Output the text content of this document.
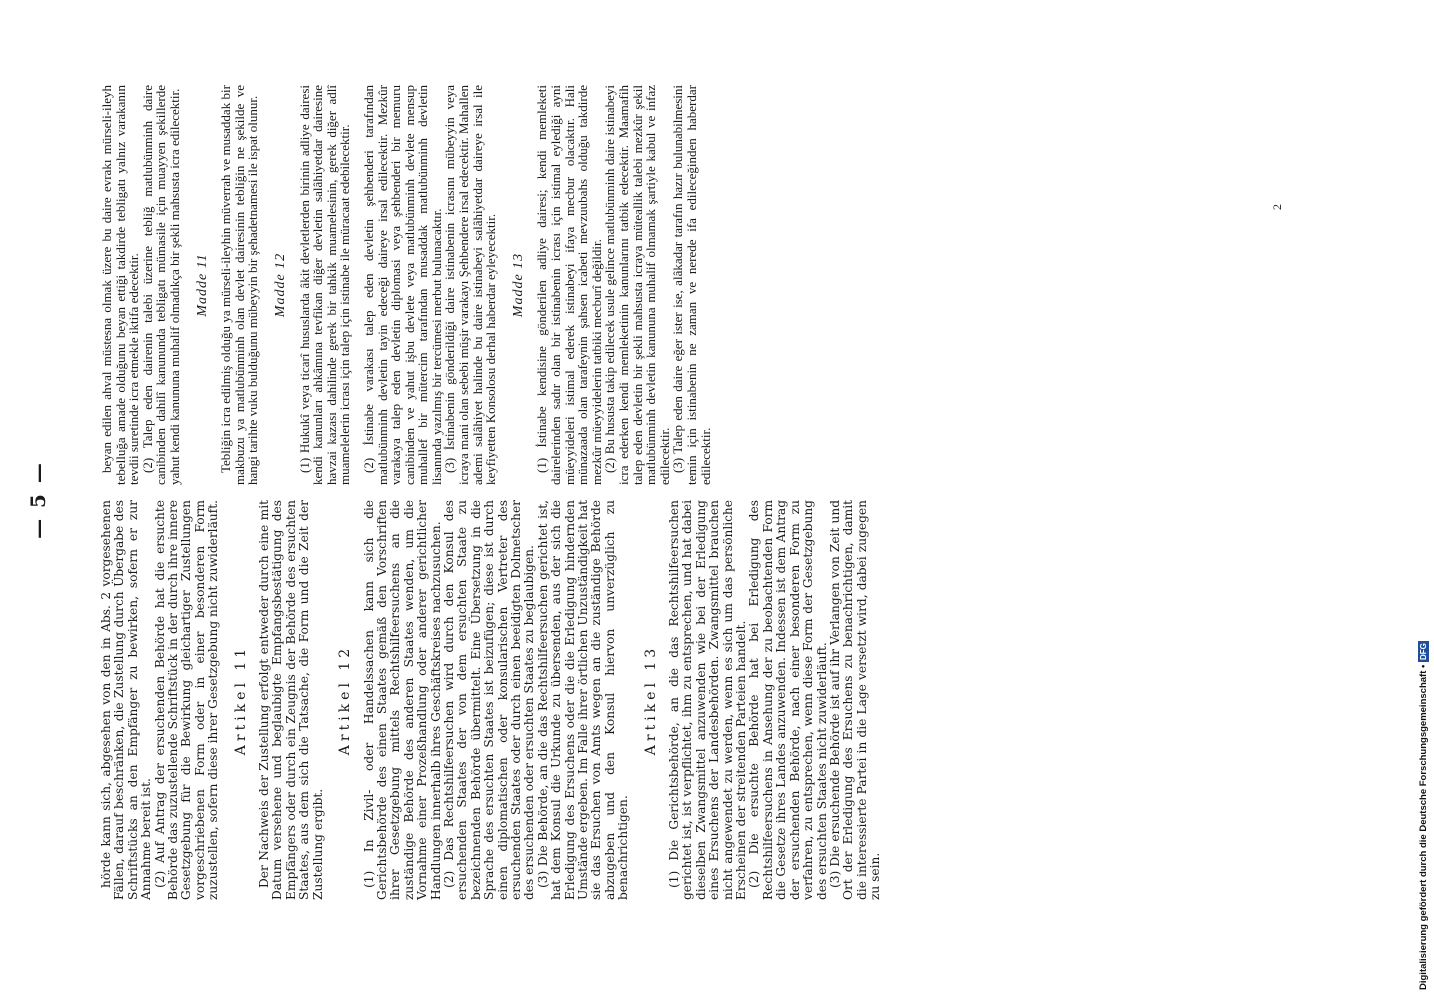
— 5 —	hörde kann sich, abgesehen von den in Abs. 2 vorgesehenen Fällen, darauf beschränken, die Zustellung durch Übergabe des Schriftstücks an den Empfänger zu bewirken, sofern er zur Annahme bereit ist. (2) Auf Antrag der ersuchenden Behörde hat die ersuchte Behörde das zuzustellende Schriftstück in der durch ihre innere Gesetzgebung für die Bewirkung gleichartiger Zustellungen vorgeschriebenen Form oder in einer besonderen Form zuzustellen, sofern diese ihrer Gesetzgebung nicht zuwiderläuft. Artikel 11 Der Nachweis der Zustellung erfolgt entweder durch eine mit Datum versehene und beglaubigte Empfangsbestätigung des Empfängers oder durch ein Zeugnis der Behörde des ersuchten Staates, aus dem sich die Tatsache, die Form und die Zeit der Zustellung ergibt.

Artikel 12 (1) In Zivil- oder Handelssachen kann sich die Gerichtsbehörde des einen Staates gemäß den Vorschriften ihrer Gesetzgebung mittels Rechtshilfeersuchens an die zuständige Behörde des anderen Staates wenden, um die Vornahme einer Prozeßhandlung oder anderer gerichtlicher Handlungen innerhalb ihres Geschäftskreises nachzusuchen. (2) Das Rechtshilfeersuchen wird durch den Konsul des ersuchenden Staates der von dem ersuchten Staate zu bezeichnenden Behörde übermittelt. Eine Übersetzung in die Sprache des ersuchten Staates ist beizufügen; diese ist durch einen diplomatischen oder konsularischen Vertreter des ersuchenden Staates oder durch einen beeidigten Dolmetscher des ersuchenden oder ersuchten Staates zu beglaubigen. (3) Die Behörde, an die das Rechtshilfeersuchen gerichtet ist, hat dem Konsul die Urkunde zu übersenden, aus der sich die Erledigung des Ersuchens oder die die Erledigung hindernden Umstände ergeben. Im Falle ihrer örtlichen Unzuständigkeit hat sie das Ersuchen von Amts wegen an die zuständige Behörde abzugeben und den Konsul hiervon unverzüglich zu benachrichtigen.

Artikel 13 (1) Die Gerichtsbehörde, an die das Rechtshilfeersuchen gerichtet ist, ist verpflichtet, ihm zu entsprechen, und hat dabei dieselben Zwangsmittel anzuwenden wie bei der Erledigung eines Ersuchens der Landesbehörden. Zwangsmittel brauchen nicht angewendet zu werden, wenn es sich um das persönliche Erscheinen der streitenden Parteien handelt. (2) Die ersuchte Behörde hat bei Erledigung des Rechtshilfeersuchens in Ansehung der zu beobachtenden Form die Gesetze ihres Landes anzuwenden. Indessen ist dem Antrag der ersuchenden Behörde, nach einer besonderen Form zu verfahren, zu entsprechen, wenn diese Form der Gesetzgebung des ersuchten Staates nicht zuwiderläuft. (3) Die ersuchende Behörde ist auf ihr Verlangen von Zeit und Ort der Erledigung des Ersuchens zu benachrichtigen, damit die interessierte Partei in die Lage versetzt wird, dabei zugegen zu sein.

beyan edilen ahval müstesna olmak üzere bu daire evrakı mürseli-ileyh tebelluğa amade olduğunu beyan ettiği takdirde tebligatı yalnız varakanın tevdii suretinde icra etmekle iktifa edecektir.

(2) Talep eden dairenin talebi üzerine tebliğ matlubünminh daire canibinden dahilî kanununda tebligatı mümasile için muayyen şekillerde yahut kendi kanununa muhalif olmadıkça bir şekli mahsusta icra edilecektir. Madde 11 Tebliğin icra edilmiş olduğu ya mürseli-ileyhin müverrah ve musaddak bir makbuzu ya matlubünminh olan devlet dairesinin tebliğin ne şekilde ve hangi tarihte vuku bulduğunu mübeyyin bir şehadetnamesi ile ispat olunur. Madde 12 (1) Hukukî veya ticarî hususlarda âkit devletlerden birinin adliye dairesi kendi kanunları ahkâmına tevfikan diğer devletin salâhiyetdar dairesine havzai kazası dahilinde gerek bir tahkik muamelesinin, gerek diğer adlî muamelelerin icrası için talep için istinabe ile müracaat edebilecektir. (2) İstinabe varakası talep eden devletin şehbenderi tarafından matlubünminh devletin tayin edeceği daireye irsal edilecektir. Mezkûr varakaya talep eden devletin diplomasi veya şehbenderi bir memuru canibinden ve yahut işbu devlete veya matlubünminh devlete mensup muhallef bir mütercim tarafından musaddak matlubünminh devletin lisanında yazılmış bir tercümesi merbut bulunacaktır.

(3) İstinabenin gönderildiği daire istinabenin icrasını mübeyyin veya icraya mani olan sebebi müşir varakayı Şehbendere irsal edecektir. Mahallen ademi salâhiyet halinde bu daire istinabeyi salâhiyetdar daireye irsal ile keyfiyetten Konsolosu derhal haberdar eyleyecektir. Madde 13 (1) İstinabe kendisine gönderilen adliye dairesi; kendi memleketi dairelerinden sadır olan bir istinabenin icrası için istimal eylediği ayni müeyyideleri istimal ederek istinabeyi ifaya mecbur olacaktır. Hali münazaada olan tarafeynin şahsen icabeti mevzuubahs olduğu takdirde mezkûr müeyyidelerin tatbiki mecburî değildir.

(2) Bu hususta takip edilecek usule gelince matlubünminh daire istinabeyi icra ederken kendi memleketinin kanunlarını tatbik edecektir. Maamafih talep eden devletin bir şekli mahsusta icraya müteallik talebi mezkûr şekil matlubünminh devletin kanununa muhalif olmamak şartiyle kabul ve infaz edilecektir.

(3) Talep eden daire eğer ister ise, alâkadar tarafın hazır bulunabilmesini temin için istinabenin ne zaman ve nerede ifa edileceğinden haberdar edilecektir.

2
Digitalisierung gefördert durch die Deutsche Forschungsgemeinschaft • DFG
